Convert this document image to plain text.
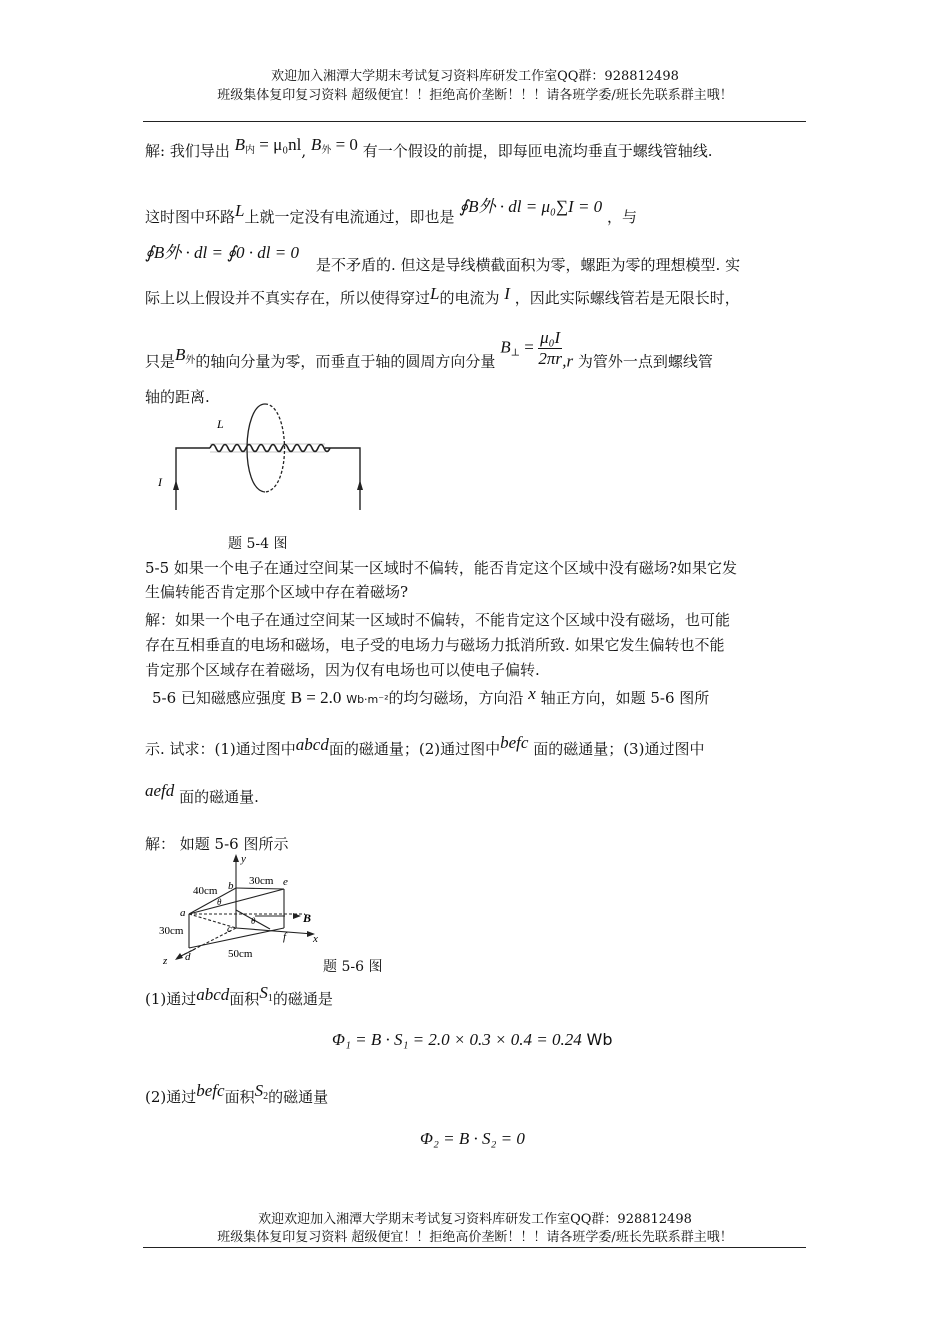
欢迎加入湘潭大学期末考试复习资料库研发工作室QQ群：928812498
班级集体复印复习资料 超级便宜！！拒绝高价垄断！！！请各班学委/班长先联系群主哦！
解: 我们导出 $B_内 = \mu_0nl$, $B_外 = 0$ 有一个假设的前提，即每匝电流均垂直于螺线管轴线.
这时图中环路L上就一定没有电流通过，即也是 ∮B外 · dl = μ₀∑I = 0 ，与
∮B外 · dl = ∮0 · dl = 0
是不矛盾的. 但这是导线横截面积为零，螺距为零的理想模型. 实
际上以上假设并不真实存在，所以使得穿过L的电流为 I ，因此实际螺线管若是无限长时，
只是$B_外$的轴向分量为零，而垂直于轴的圆周方向分量 $B_\perp = \frac{\text{μ₀I}}{2\pi r} ,r$ 为管外一点到螺线管
轴的距离.
L
I
题 5-4 图
5-5 如果一个电子在通过空间某一区域时不偏转，能否肯定这个区域中没有磁场?如果它发
生偏转能否肯定那个区域中存在着磁场?
解：如果一个电子在通过空间某一区域时不偏转，不能肯定这个区域中没有磁场，也可能
存在互相垂直的电场和磁场，电子受的电场力与磁场力抵消所致. 如果它发生偏转也不能
肯定那个区域存在着磁场，因为仅有电场也可以使电子偏转.
5-6 已知磁感应强度 B = 2.0 Wb·m⁻²的均匀磁场，方向沿 x 轴正方向，如题 5-6 图所
示. 试求：(1)通过图中abcd面的磁通量；(2)通过图中befc 面的磁通量；(3)通过图中
aefd 面的磁通量.
解： 如题 5-6 图所示
y
x
z
B
a
b
c
d
e
f
θ
θ
40cm
30cm
30cm
50cm
题 5-6 图
(1)通过abcd面积$S_1$的磁通是
Φ₁ = B · S₁ = 2.0 × 0.3 × 0.4 = 0.24 Wb
(2)通过befc面积$S_2$的磁通量
Φ₂ = B · S₂ = 0
欢迎欢迎加入湘潭大学期末考试复习资料库研发工作室QQ群：928812498
班级集体复印复习资料 超级便宜！！拒绝高价垄断！！！请各班学委/班长先联系群主哦！
